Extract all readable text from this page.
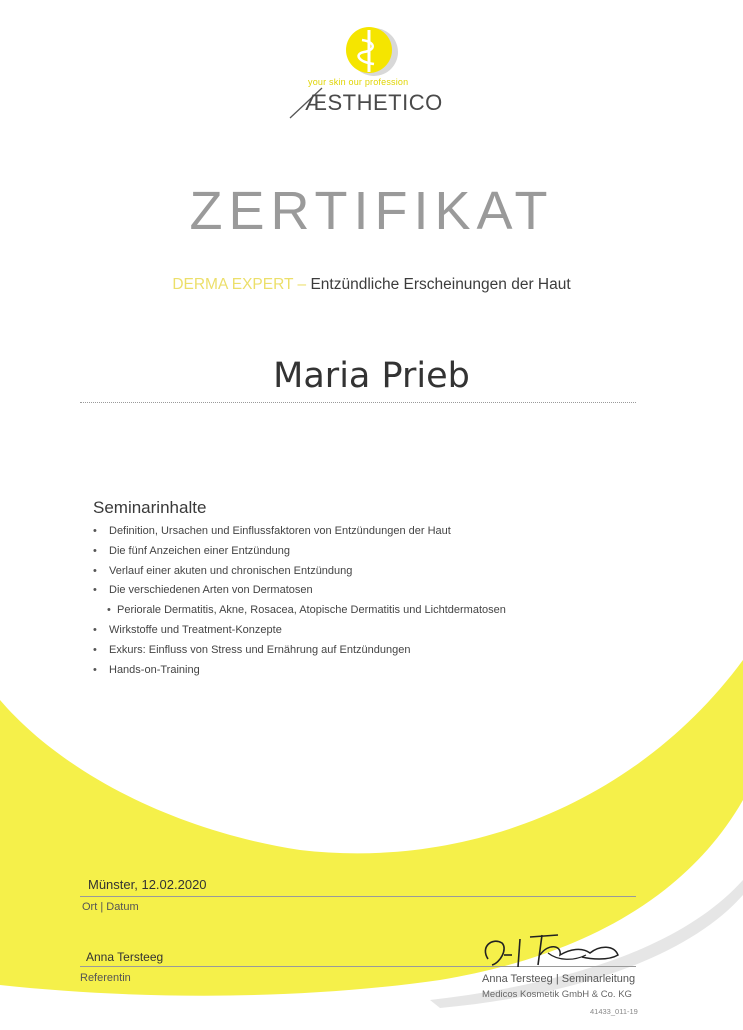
your skin our profession
ÆSTHETICO
ZERTIFIKAT
DERMA EXPERT – Entzündliche Erscheinungen der Haut
Maria Prieb
Seminarinhalte
• Definition, Ursachen und Einflussfaktoren von Entzündungen der Haut
• Die fünf Anzeichen einer Entzündung
• Verlauf einer akuten und chronischen Entzündung
• Die verschiedenen Arten von Dermatosen
• Periorale Dermatitis, Akne, Rosacea, Atopische Dermatitis und Lichtdermatosen
• Wirkstoffe und Treatment-Konzepte
• Exkurs: Einfluss von Stress und Ernährung auf Entzündungen
• Hands-on-Training
Münster, 12.02.2020
Ort | Datum
Anna Tersteeg
Referentin	Anna Tersteeg | Seminarleitung
Medicos Kosmetik GmbH & Co. KG
41433_011-19
